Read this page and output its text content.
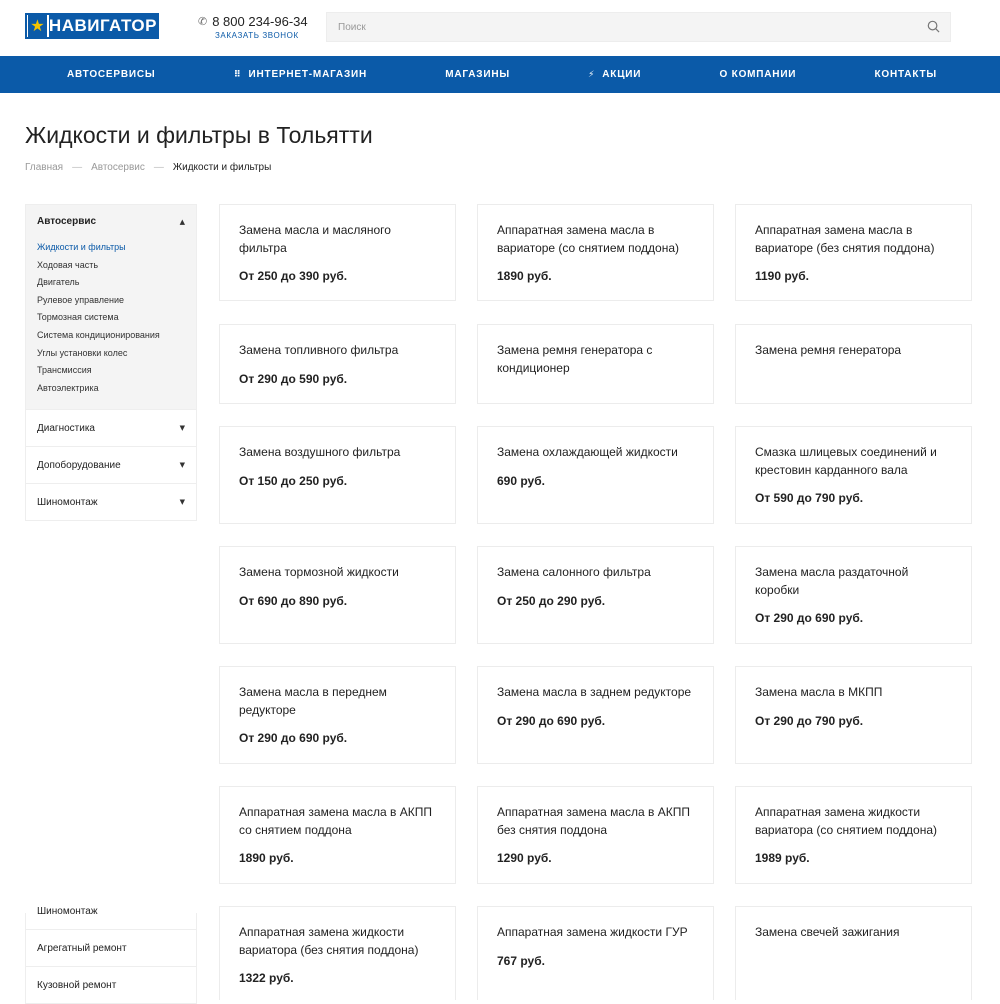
★ НАВИГАТОР	✆ 8 800 234-96-34
ЗАКАЗАТЬ ЗВОНОК
Поиск
АВТОСЕРВИСЫ	⠿ ИНТЕРНЕТ-МАГАЗИН	МАГАЗИНЫ	⚡ АКЦИИ	О КОМПАНИИ	КОНТАКТЫ
Жидкости и фильтры в Тольятти
Главная — Автосервис — Жидкости и фильтры
Автосервис	▲
Жидкости и фильтры
Ходовая часть
Двигатель
Рулевое управление
Тормозная система
Система кондиционирования
Углы установки колес
Трансмиссия
Автоэлектрика
Диагностика	▼
Допоборудование	▼
Шиномонтаж	▼
Шиномонтаж
Агрегатный ремонт
Кузовной ремонт
Замена масла и масляного фильтра
От 250 до 390 руб.
Аппаратная замена масла в вариаторе (со снятием поддона)
1890 руб.
Аппаратная замена масла в вариаторе (без снятия поддона)
1190 руб.
Замена топливного фильтра
От 290 до 590 руб.
Замена ремня генератора с кондиционер
Замена ремня генератора
Замена воздушного фильтра
От 150 до 250 руб.
Замена охлаждающей жидкости
690 руб.
Смазка шлицевых соединений и крестовин карданного вала
От 590 до 790 руб.
Замена тормозной жидкости
От 690 до 890 руб.
Замена салонного фильтра
От 250 до 290 руб.
Замена масла раздаточной коробки
От 290 до 690 руб.
Замена масла в переднем редукторе
От 290 до 690 руб.
Замена масла в заднем редукторе
От 290 до 690 руб.
Замена масла в МКПП
От 290 до 790 руб.
Аппаратная замена масла в АКПП со снятием поддона
1890 руб.
Аппаратная замена масла в АКПП без снятия поддона
1290 руб.
Аппаратная замена жидкости вариатора (со снятием поддона)
1989 руб.
Аппаратная замена жидкости вариатора (без снятия поддона)
1322 руб.
Аппаратная замена жидкости ГУР
767 руб.
Замена свечей зажигания
